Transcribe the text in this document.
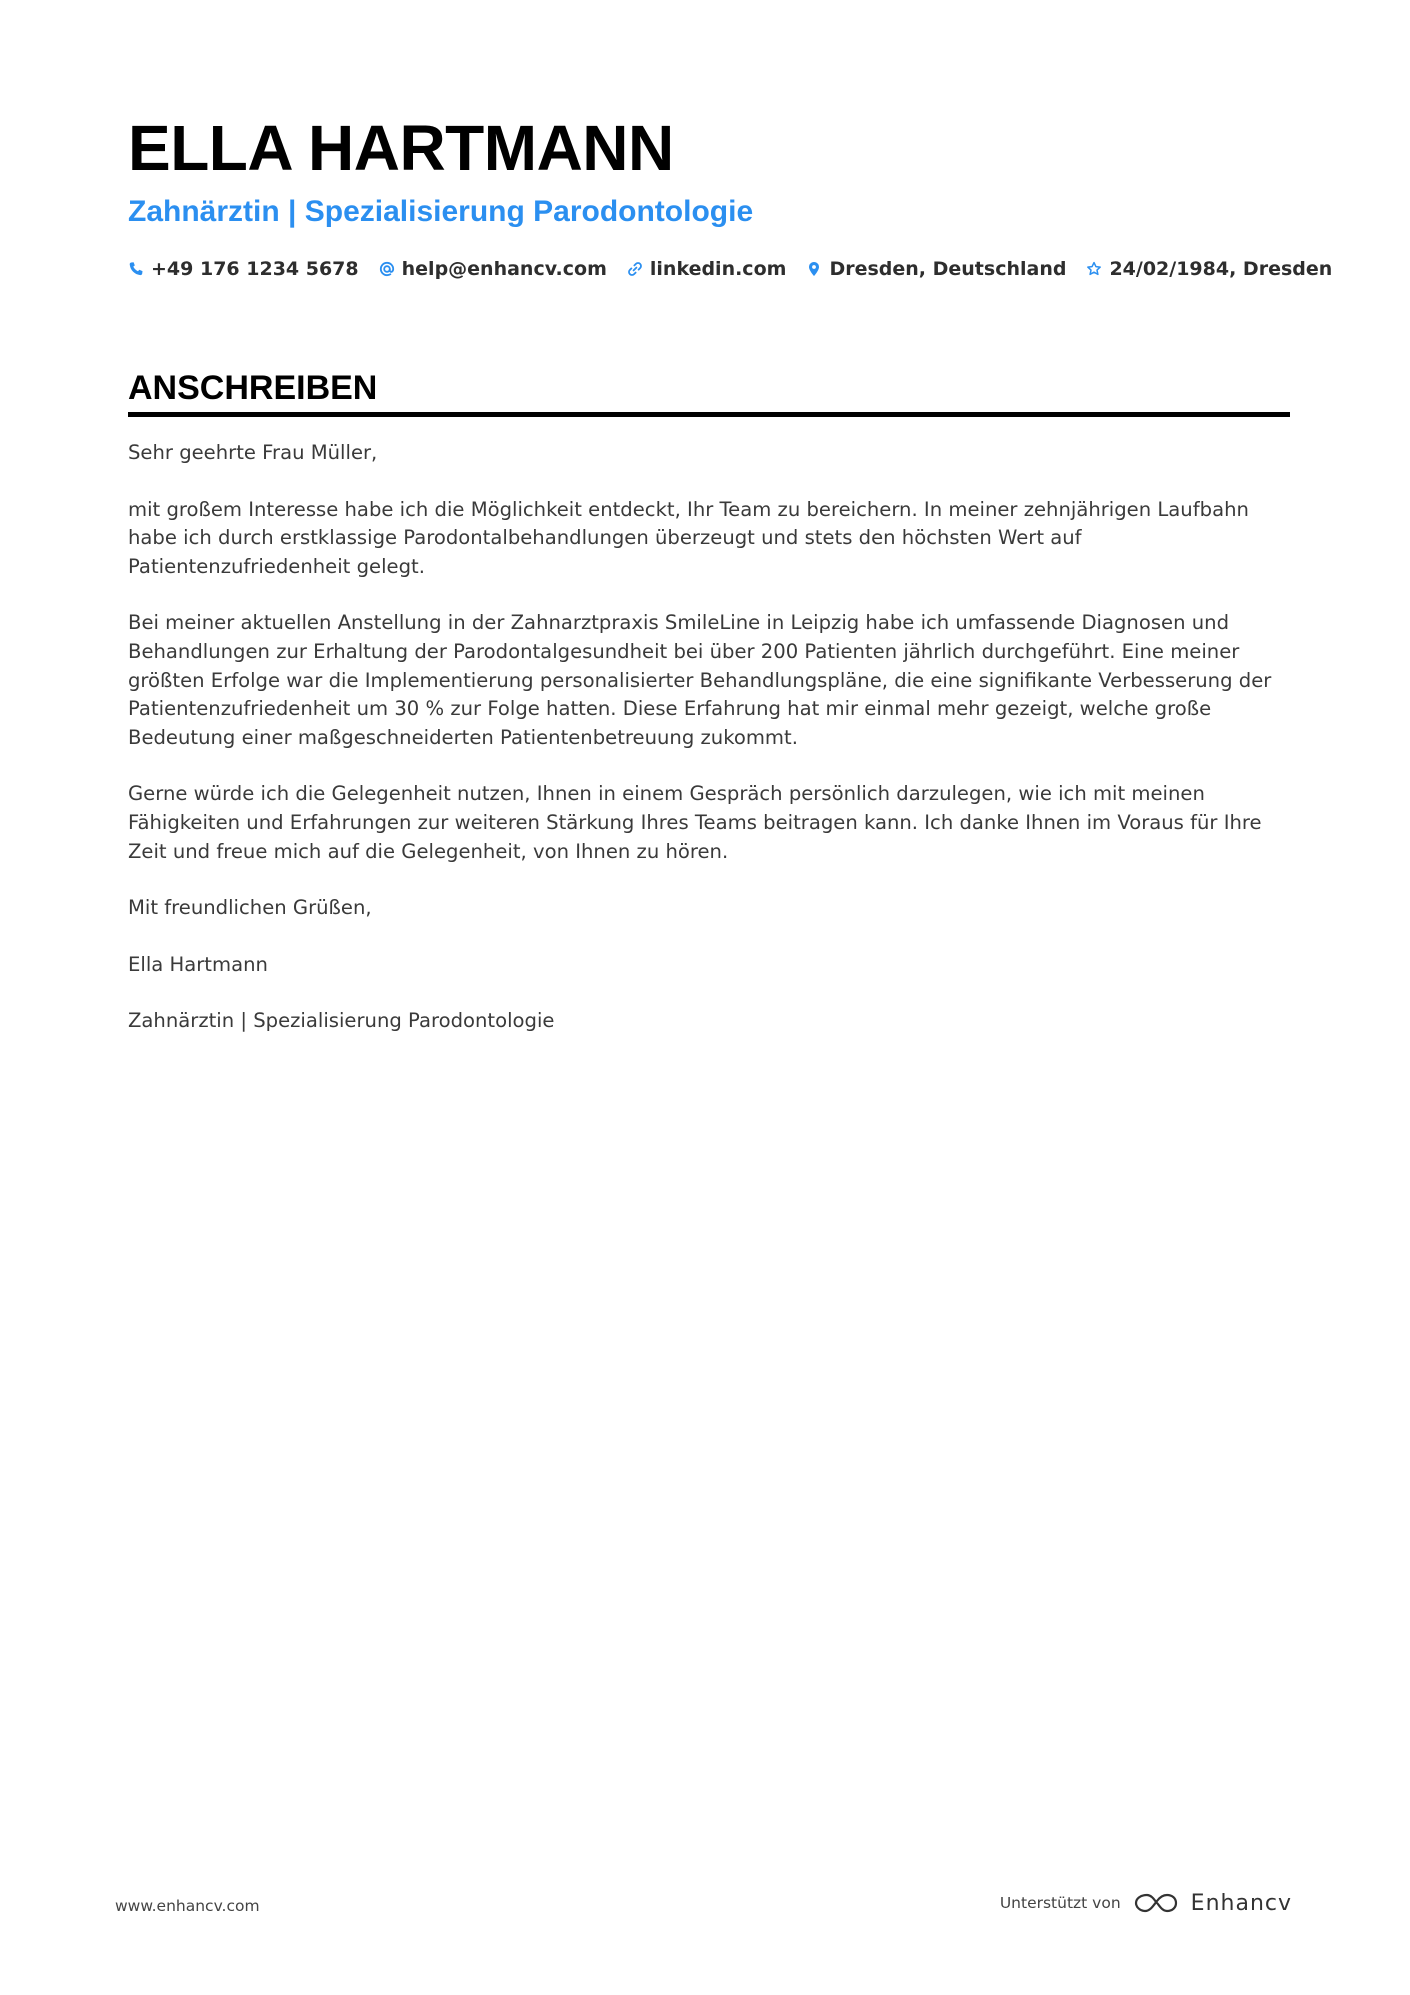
ELLA HARTMANN
Zahnärztin | Spezialisierung Parodontologie
+49 176 1234 5678 help@enhancv.com linkedin.com Dresden, Deutschland 24/02/1984, Dresden
ANSCHREIBEN

Sehr geehrte Frau Müller,

mit großem Interesse habe ich die Möglichkeit entdeckt, Ihr Team zu bereichern. In meiner zehnjährigen Laufbahn habe ich durch erstklassige Parodontalbehandlungen überzeugt und stets den höchsten Wert auf Patientenzufriedenheit gelegt.

Bei meiner aktuellen Anstellung in der Zahnarztpraxis SmileLine in Leipzig habe ich umfassende Diagnosen und Behandlungen zur Erhaltung der Parodontalgesundheit bei über 200 Patienten jährlich durchgeführt. Eine meiner größten Erfolge war die Implementierung personalisierter Behandlungspläne, die eine signifikante Verbesserung der Patientenzufriedenheit um 30 % zur Folge hatten. Diese Erfahrung hat mir einmal mehr gezeigt, welche große Bedeutung einer maßgeschneiderten Patientenbetreuung zukommt.

Gerne würde ich die Gelegenheit nutzen, Ihnen in einem Gespräch persönlich darzulegen, wie ich mit meinen Fähigkeiten und Erfahrungen zur weiteren Stärkung Ihres Teams beitragen kann. Ich danke Ihnen im Voraus für Ihre Zeit und freue mich auf die Gelegenheit, von Ihnen zu hören.

Mit freundlichen Grüßen,

Ella Hartmann

Zahnärztin | Spezialisierung Parodontologie

www.enhancv.com	Unterstützt von	Enhancv
